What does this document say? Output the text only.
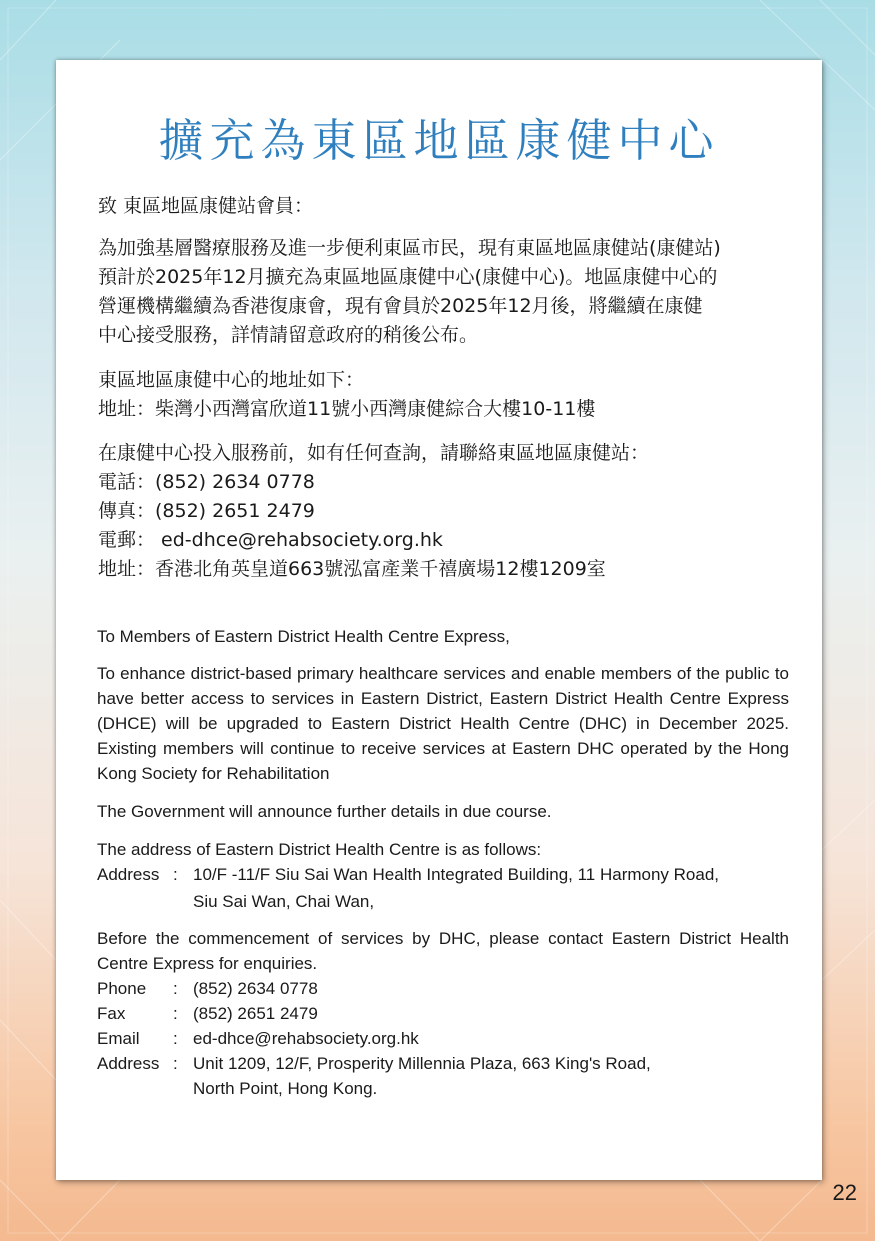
擴充為東區地區康健中心

致 東區地區康健站會員：

為加強基層醫療服務及進一步便利東區市民，現有東區地區康健站(康健站)

預計於2025年12月擴充為東區地區康健中心(康健中心)。地區康健中心的

營運機構繼續為香港復康會，現有會員於2025年12月後，將繼續在康健

中心接受服務，詳情請留意政府的稍後公布。

東區地區康健中心的地址如下：

地址：柴灣小西灣富欣道11號小西灣康健綜合大樓10-11樓

在康健中心投入服務前，如有任何查詢，請聯絡東區地區康健站：

電話：(852) 2634 0778

傳真：(852) 2651 2479

電郵： ed-dhce@rehabsociety.org.hk

地址：香港北角英皇道663號泓富產業千禧廣場12樓1209室

To Members of Eastern District Health Centre Express,

To enhance district-based primary healthcare services and enable members of the public to have better access to services in Eastern District, Eastern District Health Centre Express (DHCE) will be upgraded to Eastern District Health Centre (DHC) in December 2025. Existing members will continue to receive services at Eastern DHC operated by the Hong Kong Society for Rehabilitation

The Government will announce further details in due course.

The address of Eastern District Health Centre is as follows:

Address : 10/F -11/F Siu Sai Wan Health Integrated Building, 11 Harmony Road,
Siu Sai Wan, Chai Wan,

Before the commencement of services by DHC, please contact Eastern District Health Centre Express for enquiries.

Phone	: (852) 2634 0778
Fax	: (852) 2651 2479
Email	: ed-dhce@rehabsociety.org.hk
Address : Unit 1209, 12/F, Prosperity Millennia Plaza, 663 King's Road,
North Point, Hong Kong.
22
